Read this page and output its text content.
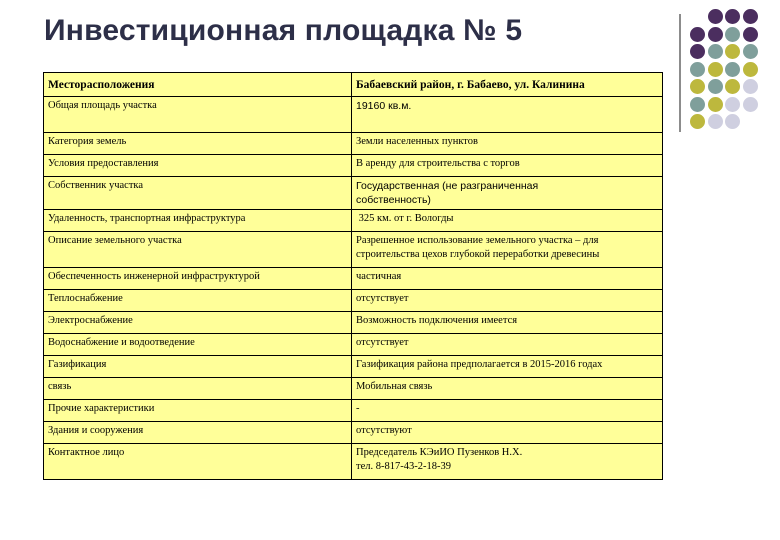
Инвестиционная площадка № 5
Месторасположения	Бабаевский район, г. Бабаево, ул. Калинина
Общая площадь участка	19160 кв.м.
Категория земель	Земли населенных пунктов
Условия предоставления	В аренду для строительства с торгов
Собственник участка	Государственная (не разграниченная
собственность)

Удаленность, транспортная инфраструктура	325 км. от г. Вологды
Описание земельного участка	Разрешенное использование земельного участка – для
строительства цехов глубокой переработки древесины

Обеспеченность инженерной инфраструктурой	частичная
Теплоснабжение	отсутствует
Электроснабжение	Возможность подключения имеется
Водоснабжение и водоотведение	отсутствует
Газификация	Газификация района предполагается в 2015-2016 годах
связь	Мобильная связь
Прочие характеристики	-
Здания и сооружения	отсутствуют
Контактное лицо	Председатель КЭиИО Пузенков Н.Х.
тел. 8-817-43-2-18-39
